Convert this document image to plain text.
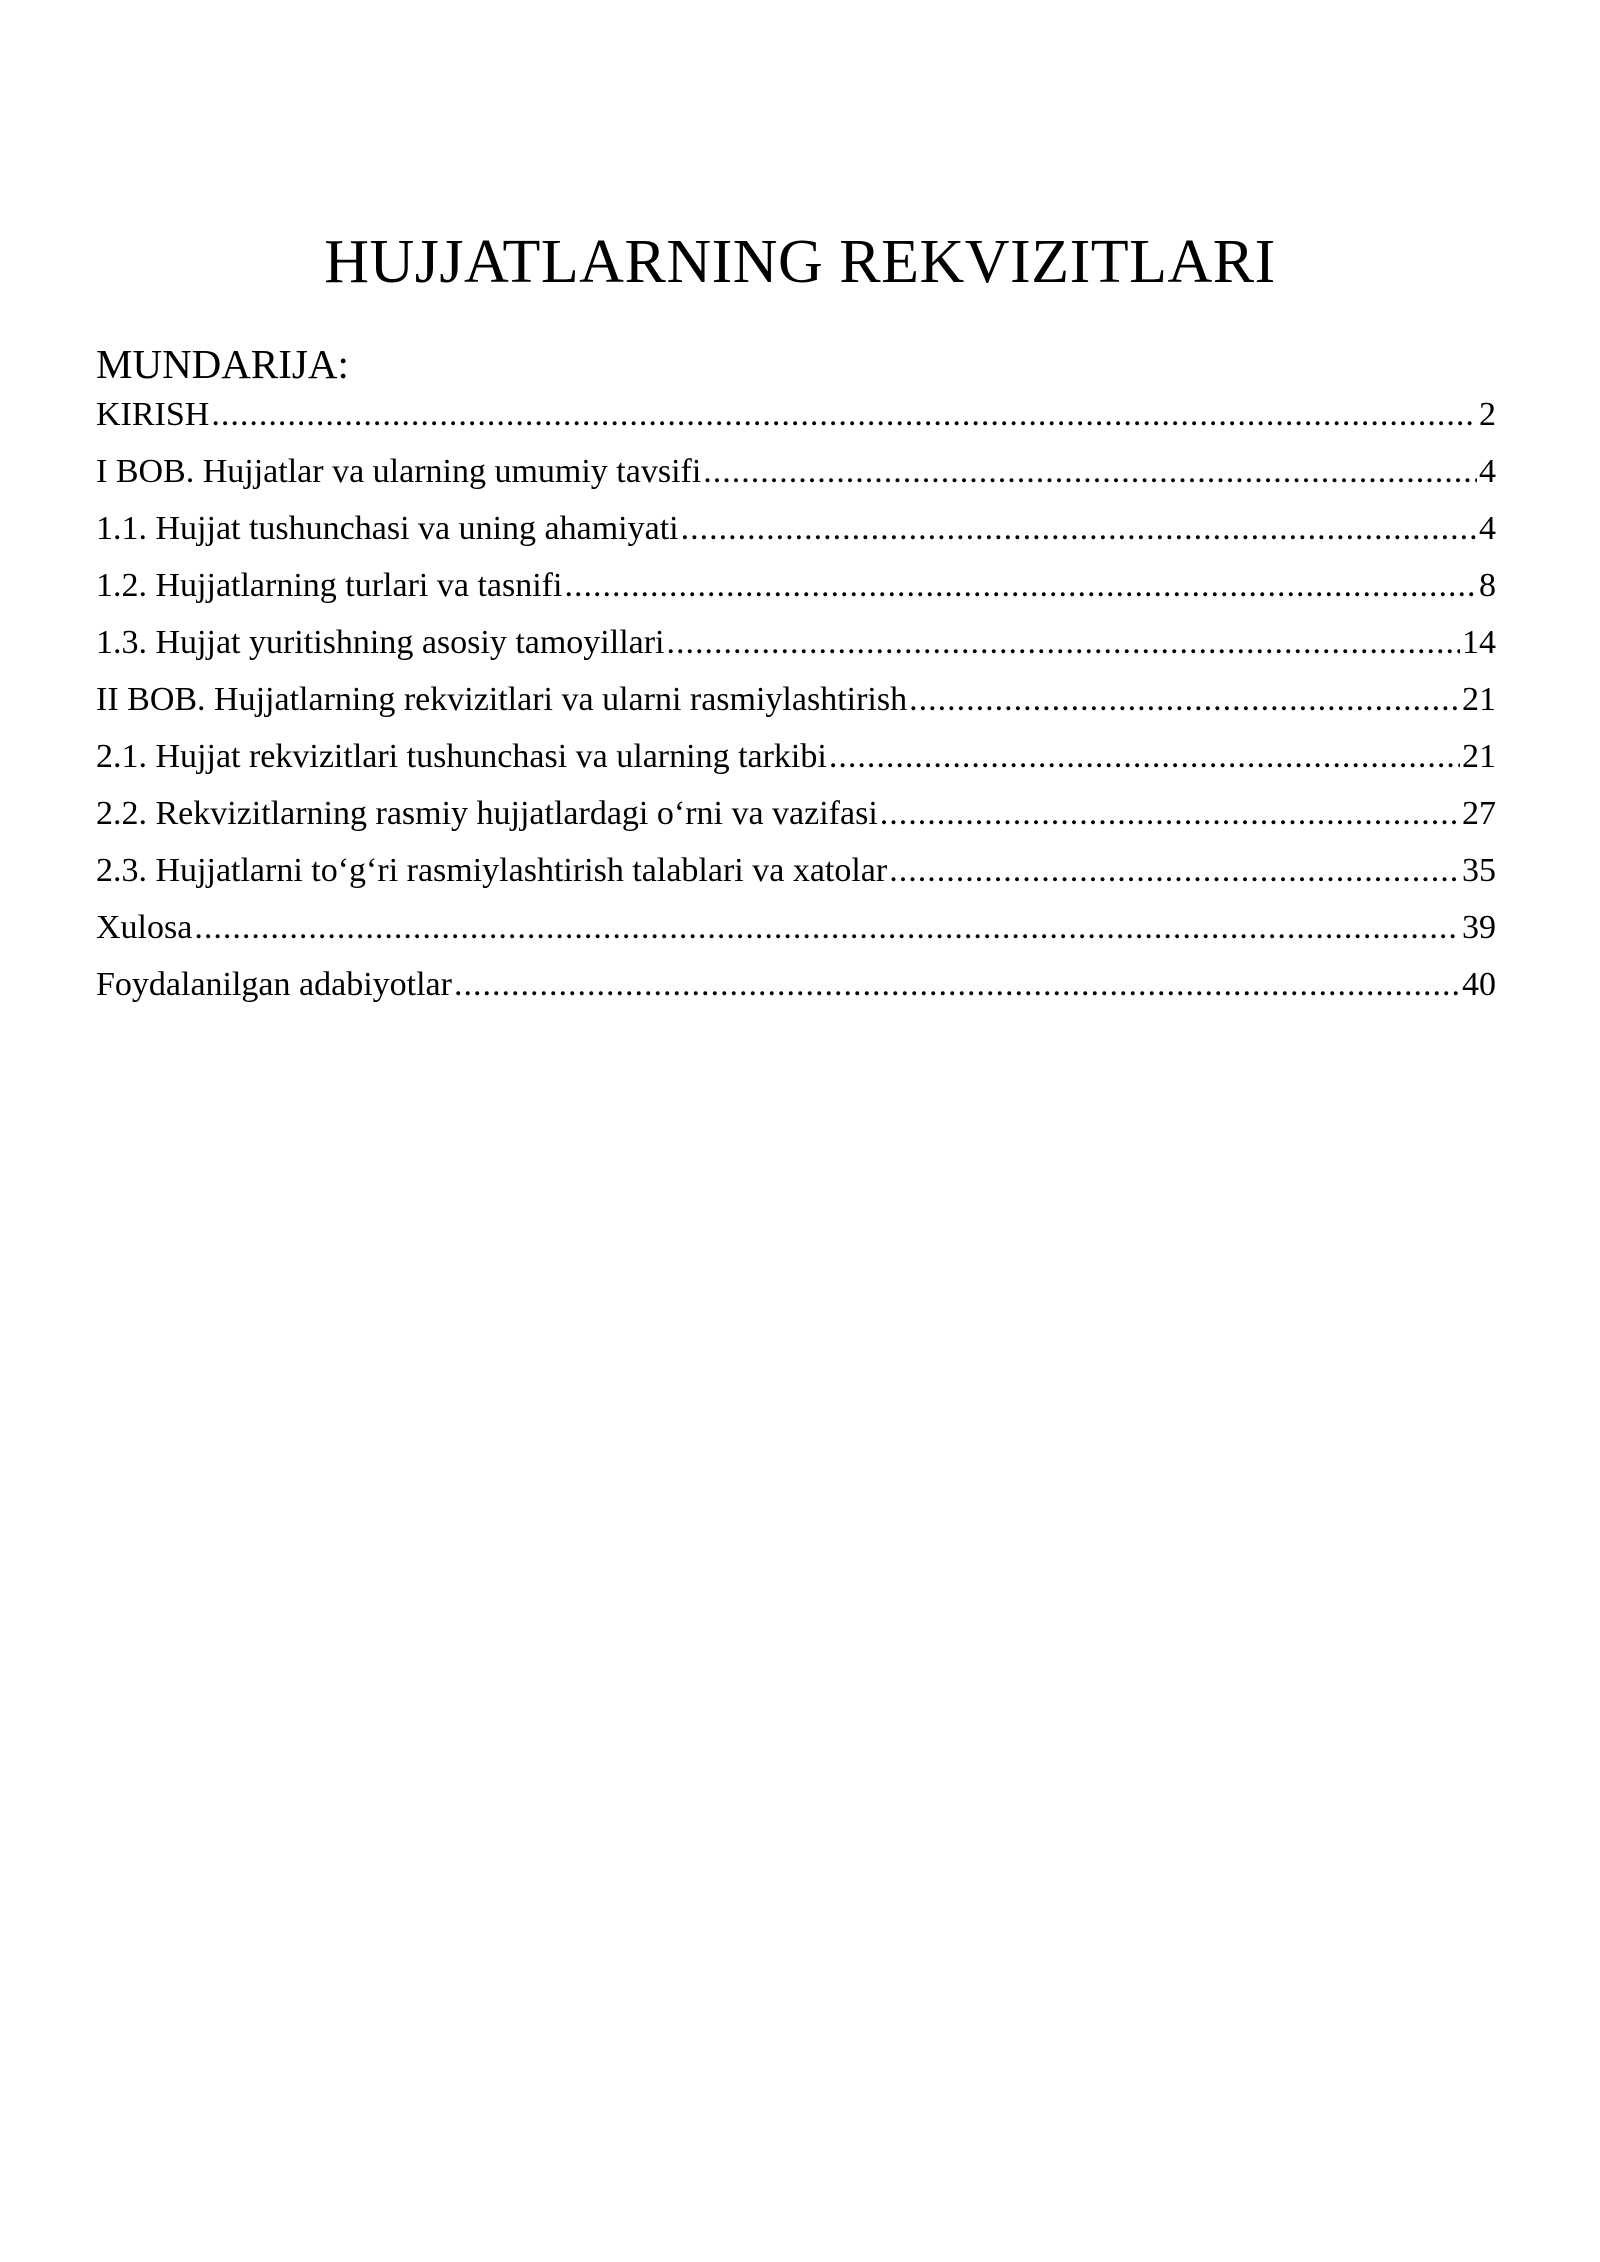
HUJJATLARNING REKVIZITLARI
MUNDARIJA:
KIRISH .....	2
I BOB. Hujjatlar va ularning umumiy tavsifi .....	4
1.1. Hujjat tushunchasi va uning ahamiyati .....	4
1.2. Hujjatlarning turlari va tasnifi .....	8
1.3. Hujjat yuritishning asosiy tamoyillari .....	14
II BOB. Hujjatlarning rekvizitlari va ularni rasmiylashtirish .....	21
2.1. Hujjat rekvizitlari tushunchasi va ularning tarkibi .....	21
2.2. Rekvizitlarning rasmiy hujjatlardagi o‘rni va vazifasi .....	27
2.3. Hujjatlarni to‘g‘ri rasmiylashtirish talablari va xatolar .....	35
Xulosa .....	39
Foydalanilgan adabiyotlar .....	40
